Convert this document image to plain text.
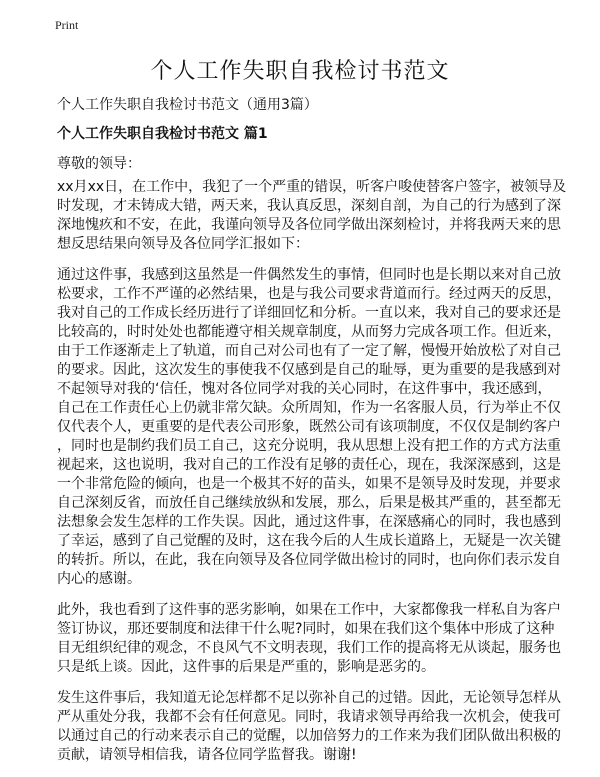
Print
个人工作失职自我检讨书范文
个人工作失职自我检讨书范文（通用3篇）
个人工作失职自我检讨书范文 篇1
尊敬的领导：
xx月xx日，在工作中，我犯了一个严重的错误，听客户唆使替客户签字，被领导及
时发现，才未铸成大错，两天来，我认真反思，深刻自剖，为自己的行为感到了深
深地愧疚和不安，在此，我谨向领导及各位同学做出深刻检讨，并将我两天来的思
想反思结果向领导及各位同学汇报如下：
通过这件事，我感到这虽然是一件偶然发生的事情，但同时也是长期以来对自己放
松要求，工作不严谨的必然结果，也是与我公司要求背道而行。经过两天的反思，
我对自己的工作成长经历进行了详细回忆和分析。一直以来，我对自己的要求还是
比较高的，时时处处也都能遵守相关规章制度，从而努力完成各项工作。但近来，
由于工作逐渐走上了轨道，而自己对公司也有了一定了解，慢慢开始放松了对自己
的要求。因此，这次发生的事使我不仅感到是自己的耻辱，更为重要的是我感到对
不起领导对我的‘信任，愧对各位同学对我的关心同时，在这件事中，我还感到，
自己在工作责任心上仍就非常欠缺。众所周知，作为一名客服人员，行为举止不仅
仅代表个人，更重要的是代表公司形象，既然公司有该项制度，不仅仅是制约客户
，同时也是制约我们员工自己，这充分说明，我从思想上没有把工作的方式方法重
视起来，这也说明，我对自己的工作没有足够的责任心，现在，我深深感到，这是
一个非常危险的倾向，也是一个极其不好的苗头，如果不是领导及时发现，并要求
自己深刻反省，而放任自己继续放纵和发展，那么，后果是极其严重的，甚至都无
法想象会发生怎样的工作失误。因此，通过这件事，在深感痛心的同时，我也感到
了幸运，感到了自己觉醒的及时，这在我今后的人生成长道路上，无疑是一次关键
的转折。所以，在此，我在向领导及各位同学做出检讨的同时，也向你们表示发自
内心的感谢。
此外，我也看到了这件事的恶劣影响，如果在工作中，大家都像我一样私自为客户
签订协议，那还要制度和法律干什么呢?同时，如果在我们这个集体中形成了这种
目无组织纪律的观念，不良风气不文明表现，我们工作的提高将无从谈起，服务也
只是纸上谈。因此，这件事的后果是严重的，影响是恶劣的。
发生这件事后，我知道无论怎样都不足以弥补自己的过错。因此，无论领导怎样从
严从重处分我，我都不会有任何意见。同时，我请求领导再给我一次机会，使我可
以通过自己的行动来表示自己的觉醒，以加倍努力的工作来为我们团队做出积极的
贡献，请领导相信我，请各位同学监督我。谢谢!
